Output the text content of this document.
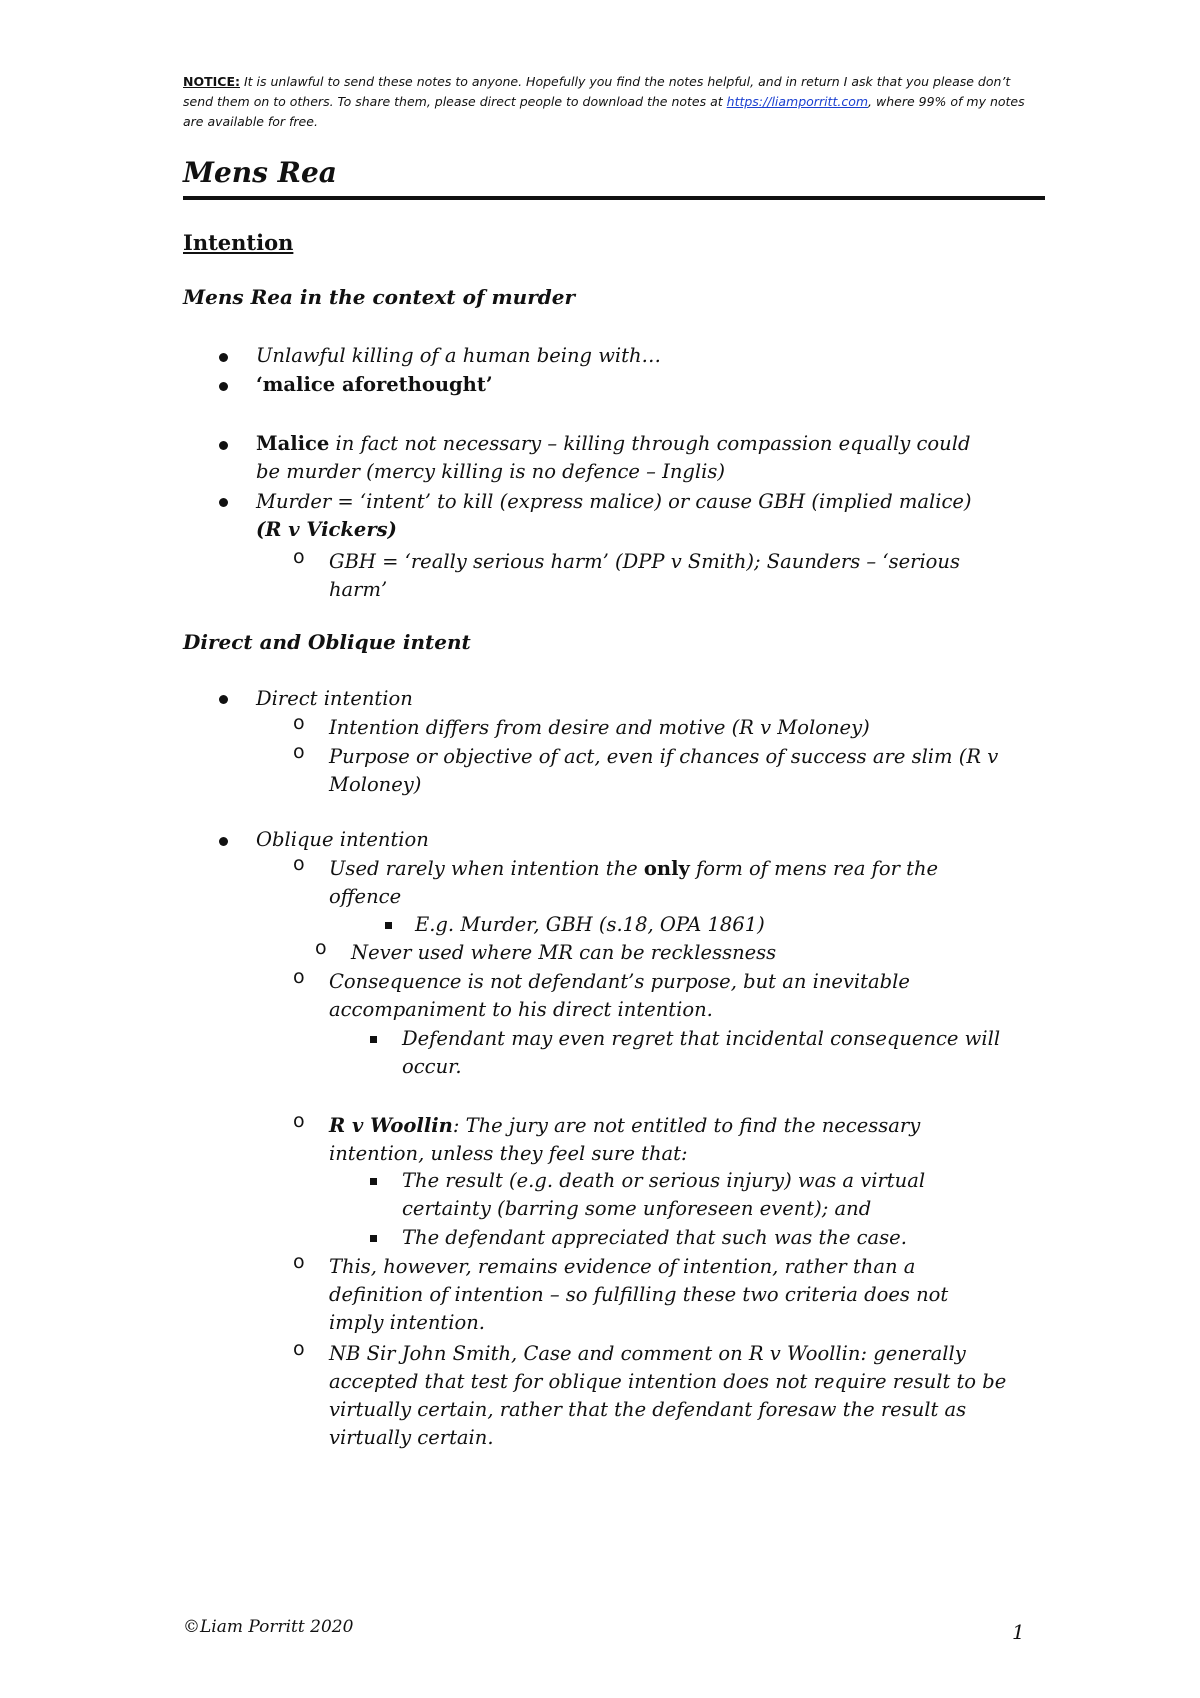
NOTICE: It is unlawful to send these notes to anyone. Hopefully you find the notes helpful, and in return I ask that you please don’t send them on to others. To share them, please direct people to download the notes at https://liamporritt.com, where 99% of my notes are available for free.
Mens Rea
Intention
Mens Rea in the context of murder
Unlawful killing of a human being with…
‘malice aforethought’
Malice in fact not necessary – killing through compassion equally could
be murder (mercy killing is no defence – Inglis)
Murder = ‘intent’ to kill (express malice) or cause GBH (implied malice)
(R v Vickers)
o GBH = ‘really serious harm’ (DPP v Smith); Saunders – ‘serious
harm’
Direct and Oblique intent
Direct intention
o Intention differs from desire and motive (R v Moloney)
o Purpose or objective of act, even if chances of success are slim (R v
Moloney)
Oblique intention
o Used rarely when intention the only form of mens rea for the
offence
E.g. Murder, GBH (s.18, OPA 1861)
o Never used where MR can be recklessness
o Consequence is not defendant’s purpose, but an inevitable
accompaniment to his direct intention.
Defendant may even regret that incidental consequence will
occur.
o R v Woollin: The jury are not entitled to find the necessary
intention, unless they feel sure that:
The result (e.g. death or serious injury) was a virtual
certainty (barring some unforeseen event); and
The defendant appreciated that such was the case.
o This, however, remains evidence of intention, rather than a
definition of intention – so fulfilling these two criteria does not
imply intention.
o NB Sir John Smith, Case and comment on R v Woollin: generally
accepted that test for oblique intention does not require result to be
virtually certain, rather that the defendant foresaw the result as
virtually certain.
©Liam Porritt 2020	1
